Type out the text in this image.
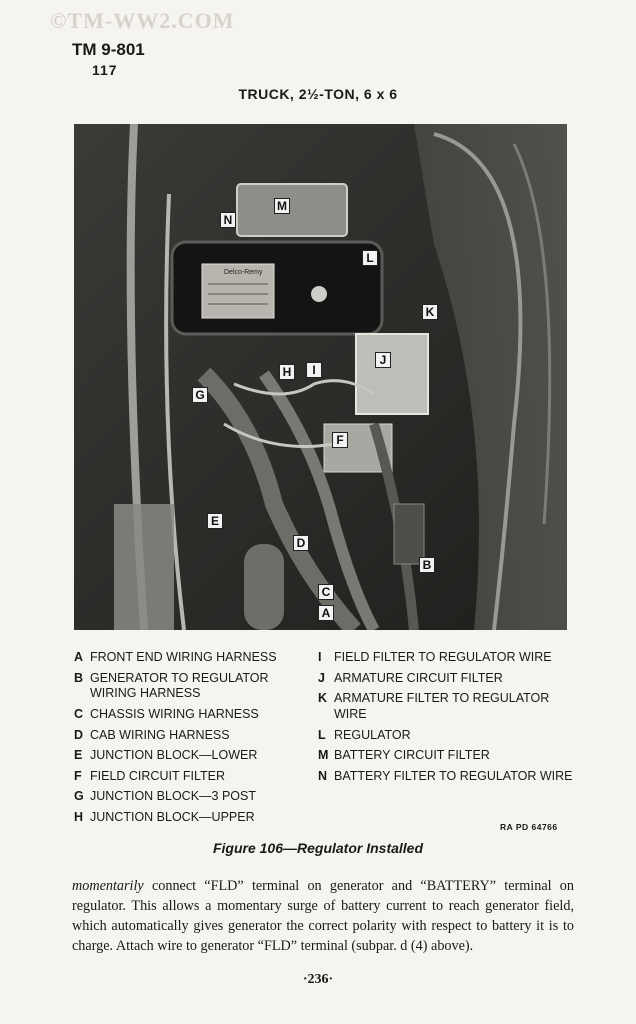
©TM-WW2.COM
TM 9-801
117
TRUCK, 2½-TON, 6 x 6
Delco-Remy
N
M
L
K
J
H	I
G
F
E
D
C
B
A
A FRONT END WIRING HARNESS
B GENERATOR TO REGULATOR WIRING HARNESS
C CHASSIS WIRING HARNESS
D CAB WIRING HARNESS
E JUNCTION BLOCK—LOWER
F FIELD CIRCUIT FILTER
G JUNCTION BLOCK—3 POST
H JUNCTION BLOCK—UPPER
I	FIELD FILTER TO REGULATOR WIRE
J ARMATURE CIRCUIT FILTER
K ARMATURE FILTER TO REGULATOR WIRE
L REGULATOR
M BATTERY CIRCUIT FILTER
N BATTERY FILTER TO REGULATOR WIRE
RA PD 64766
Figure 106—Regulator Installed

momentarily connect “FLD” terminal on generator and “BATTERY” terminal on regulator. This allows a momentary surge of battery current to reach generator field, which automatically gives generator the correct polarity with respect to battery it is to charge. Attach wire to generator “FLD” terminal (subpar. d (4) above).

·236·
